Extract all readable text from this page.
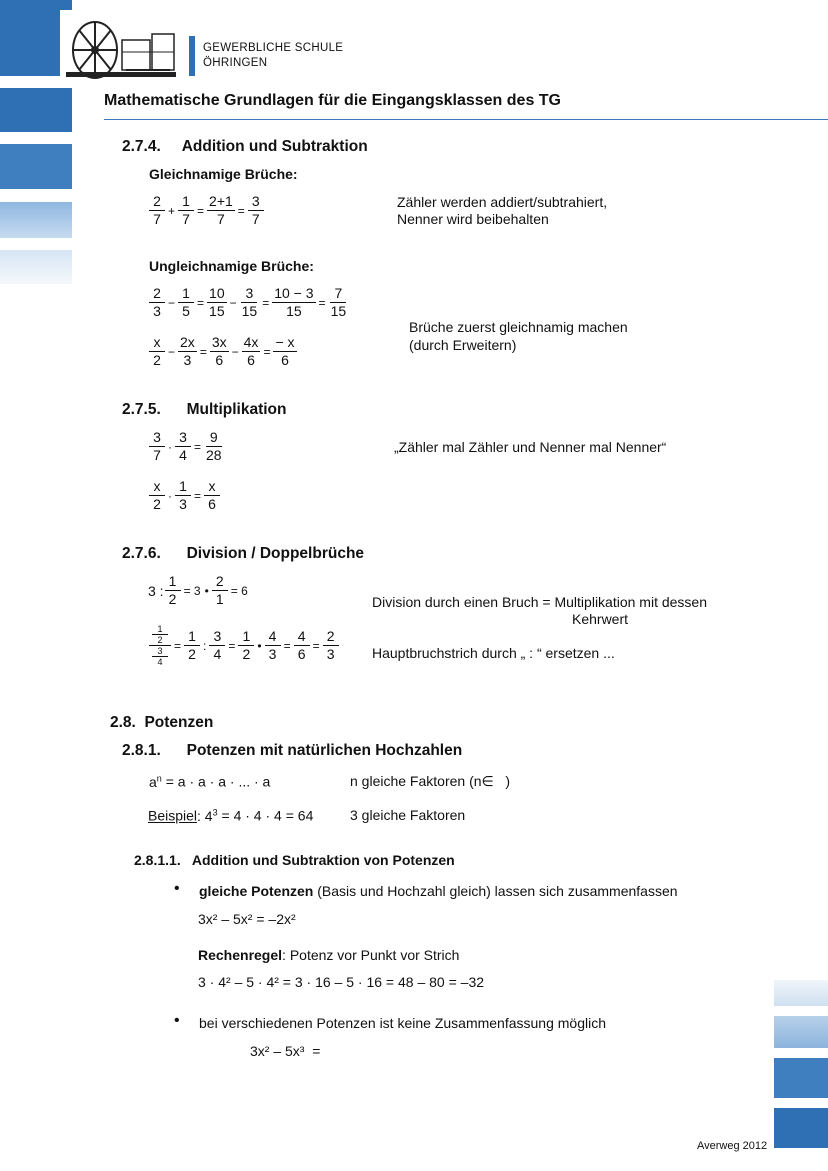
GEWERBLICHE SCHULE
ÖHRINGEN
Mathematische Grundlagen für die Eingangsklassen des TG
2.7.4.     Addition und Subtraktion
Gleichnamige Brüche:
2
7
+ $\frac{1}{7} = \frac{2+1}{7} = \frac{3}{7}$	Zähler werden addiert/subtrahiert,
Nenner wird beibehalten
Ungleichnamige Brüche:
2
3
− $\frac{1}{5} = \frac{10}{15} - \frac{3}{15} = \frac{10 - 3}{15} = \frac{7}{15}$
x
2
− $\frac{2x}{3} = \frac{3x}{6} - \frac{4x}{6} = \frac{- x}{6}$
Brüche zuerst gleichnamig machen
(durch Erweitern)
2.7.5.      Multiplikation
3
7
· $\frac{3}{4} = \frac{9}{28}$	„Zähler mal Zähler und Nenner mal Nenner“
x
2
· $\frac{1}{3} = \frac{x}{6}$
2.7.6.      Division / Doppelbrüche
3 : $\frac{1}{2} = 3$ • $\frac{2}{1} = 6$
Division durch einen Bruch = Multiplikation mit dessen
Kehrwert
$\frac{\frac{1}{2}}{\frac{3}{4}} = \frac{1}{2}$ : $\frac{3}{4} = \frac{1}{2}$ • $\frac{4}{3} = \frac{4}{6} = \frac{2}{3}$ Hauptbruchstrich durch „ : “ ersetzen ...
2.8.  Potenzen
2.8.1.      Potenzen mit natürlichen Hochzahlen
$a^n = a \cdot a \cdot a$ · ... · a	n gleiche Faktoren (n∈   )
Beispiel: $4^3 = 4 \cdot 4 \cdot 4 = 64$	3 gleiche Faktoren
2.8.1.1.   Addition und Subtraktion von Potenzen
• gleiche Potenzen (Basis und Hochzahl gleich) lassen sich zusammenfassen
3x² – 5x² = –2x²
Rechenregel: Potenz vor Punkt vor Strich
3 · 4² – 5 · 4² = 3 · 16 – 5 · 16 = 48 – 80 = –32
• bei verschiedenen Potenzen ist keine Zusammenfassung möglich
3x² – 5x³  =
Averweg 2012
